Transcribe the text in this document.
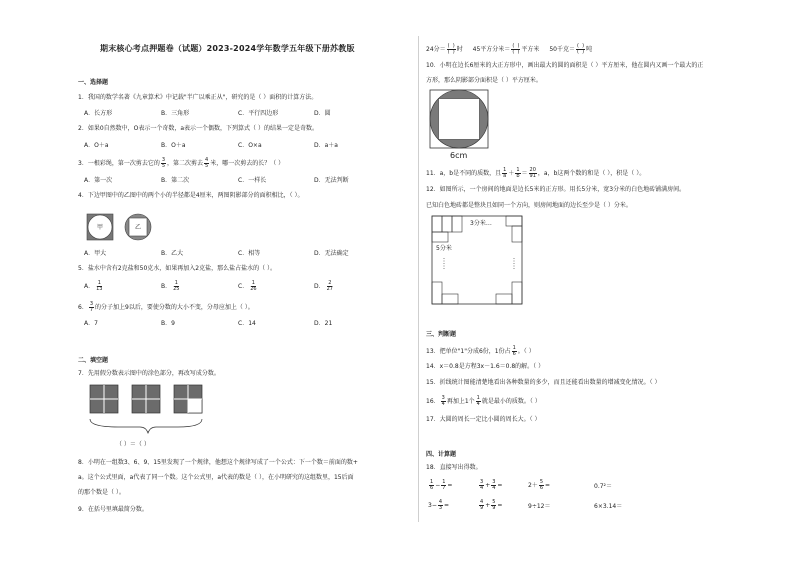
期末核心考点押题卷（试题）2023-2024学年数学五年级下册苏教版
一、选择题
1．我国的数学名著《九章算术》中记载"半广以乘正从"，研究的是（ ）面积的计算方法。
A．长方形	B．三角形	C．平行四边形	D．圆
2．如果0自然数中，O表示一个奇数，a表示一个偶数，下列算式（ ）的结果一定是奇数。
A．O＋a	B．O＋a	C．O×a	D．a＋a
3．一根彩绳，第一次剪去它的 $\frac{3}{5}$ ，第二次剪去 $\frac{4}{5}$ 米，哪一次剪去的长？（ ）
A．第一次	B．第二次	C．一样长	D．无法判断
4．下边甲图中的乙图中的两个小的半径都是4厘米，两图阴影部分的面积相比，（ ）。
甲	乙
A．甲大	B．乙大	C．相等	D．无法确定
5．盐水中含有2克盐和50克水，如果再加入2克盐，那么盐占盐水的（ ）。
A． $\frac{1}{13}$	B． $\frac{1}{25}$	C． $\frac{1}{26}$	D． $\frac{2}{27}$
6． $\frac{3}{7}$ 的分子加上9以后，要使分数的大小不变，分母应加上（ ）。
A．7	B．9	C．14	D．21
二、填空题
7．先用假分数表示图中的涂色部分，再改写成分数。
（ ）＝（ ）
8．小明在一组数3、6、9、15里发现了一个规律，他想这个规律写成了一个公式：下一个数＝前面的数+
a。这个公式里面，a代表了同一个数。这个公式里，a代表的数是（ ），在小明研究的这组数里，15后面
的那个数是（ ）。
9．在括号里填最简分数。
24分＝ $\frac{( )}{( )}$ 时 45平方分米＝ $\frac{( )}{( )}$ 平方米 50千克＝ $\frac{( )}{( )}$ 吨
10．小明在边长6厘米的大正方形中，画出最大的圆的面积是（ ）平方厘米，他在圆内又画一个最大的正
方形，那么阴影部分面积是（ ）平方厘米。
6cm
11．a，b是不同的质数，且 $\frac{1}{a} + \frac{1}{b} = \frac{20}{91}$ ，a，b这两个数的和是（ ），积是（ ）。
12．如图所示，一个房间的地面是边长5米的正方形。用长5分米，宽3分米的白色地砖铺满房间。
已知白色地砖都是整块且如同一个方向，则房间地面的边长至少是（ ）分米。
3分米…
5分米
三、判断题
13．把单位"1"分成6份，1份占 $\frac{1}{6}$ 。（ ）
14．x＝0.8是方程3x－1.6＝0.8的解。（ ）
15．折线统计图能清楚地看出各种数量的多少，而且还能看出数量的增减变化情况。（ ）
16． $\frac{3}{4}$ 再加上1个 $\frac{1}{4}$ 就是最小的质数。（ ）
17．大圆的周长一定比小圆的周长大。（ ）
四、计算题
18．直接写出得数。
$\frac{1}{6} - \frac{1}{7}$ =	$\frac{3}{4} + \frac{3}{4}$ =	$2+ \frac{5}{6}$ =	0.7²＝
$3- \frac{4}{3}$ =	$\frac{4}{9} + \frac{5}{9}$ =	9÷12＝	6×3.14＝
